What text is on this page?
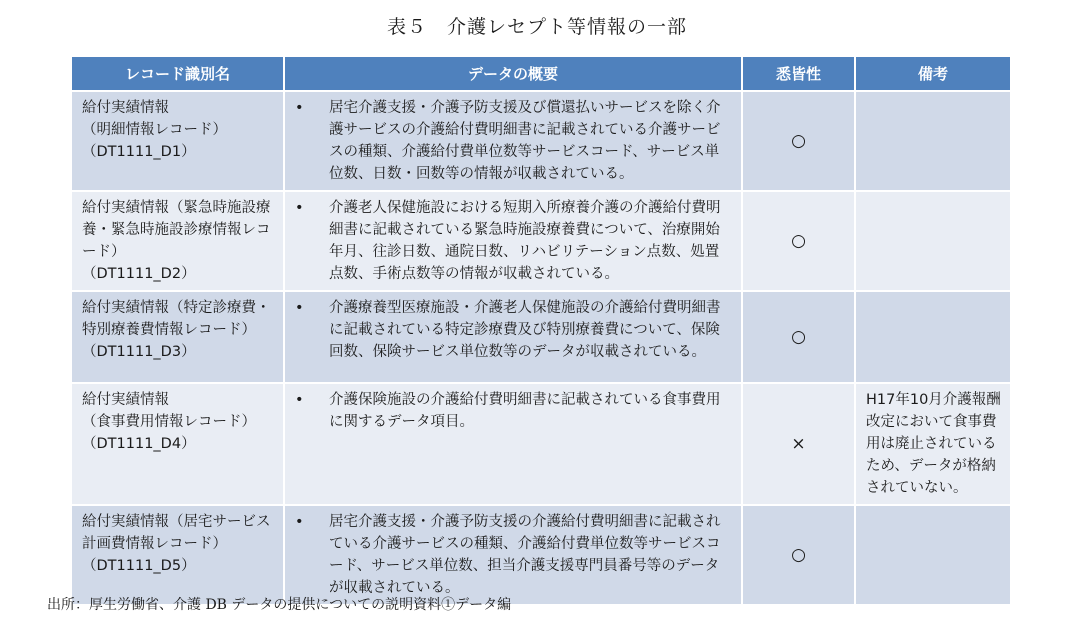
表５　介護レセプト等情報の一部
レコード識別名	データの概要	悉皆性	備考

給付実績情報
（明細情報レコード）
（DT1111_D1）	• 居宅介護支援・介護予防支援及び償還払いサービスを除く介護サービスの介護給付費明細書に記載されている介護サービスの種類、介護給付費単位数等サービスコード、サービス単位数、日数・回数等の情報が収載されている。	○	

給付実績情報（緊急時施設療養・緊急時施設診療情報レコード）
（DT1111_D2）	• 介護老人保健施設における短期入所療養介護の介護給付費明細書に記載されている緊急時施設療養費について、治療開始年月、往診日数、通院日数、リハビリテーション点数、処置点数、手術点数等の情報が収載されている。	○	

給付実績情報（特定診療費・特別療養費情報レコード）
（DT1111_D3）	• 介護療養型医療施設・介護老人保健施設の介護給付費明細書に記載されている特定診療費及び特別療養費について、保険回数、保険サービス単位数等のデータが収載されている。	○	

給付実績情報
（食事費用情報レコード）
（DT1111_D4）	• 介護保険施設の介護給付費明細書に記載されている食事費用に関するデータ項目。	×	H17年10月介護報酬改定において食事費用は廃止されているため、データが格納されていない。

給付実績情報（居宅サービス計画費情報レコード）
（DT1111_D5）	• 居宅介護支援・介護予防支援の介護給付費明細書に記載されている介護サービスの種類、介護給付費単位数等サービスコード、サービス単位数、担当介護支援専門員番号等のデータが収載されている。	○	
出所：厚生労働省、介護 DB データの提供についての説明資料①データ編
